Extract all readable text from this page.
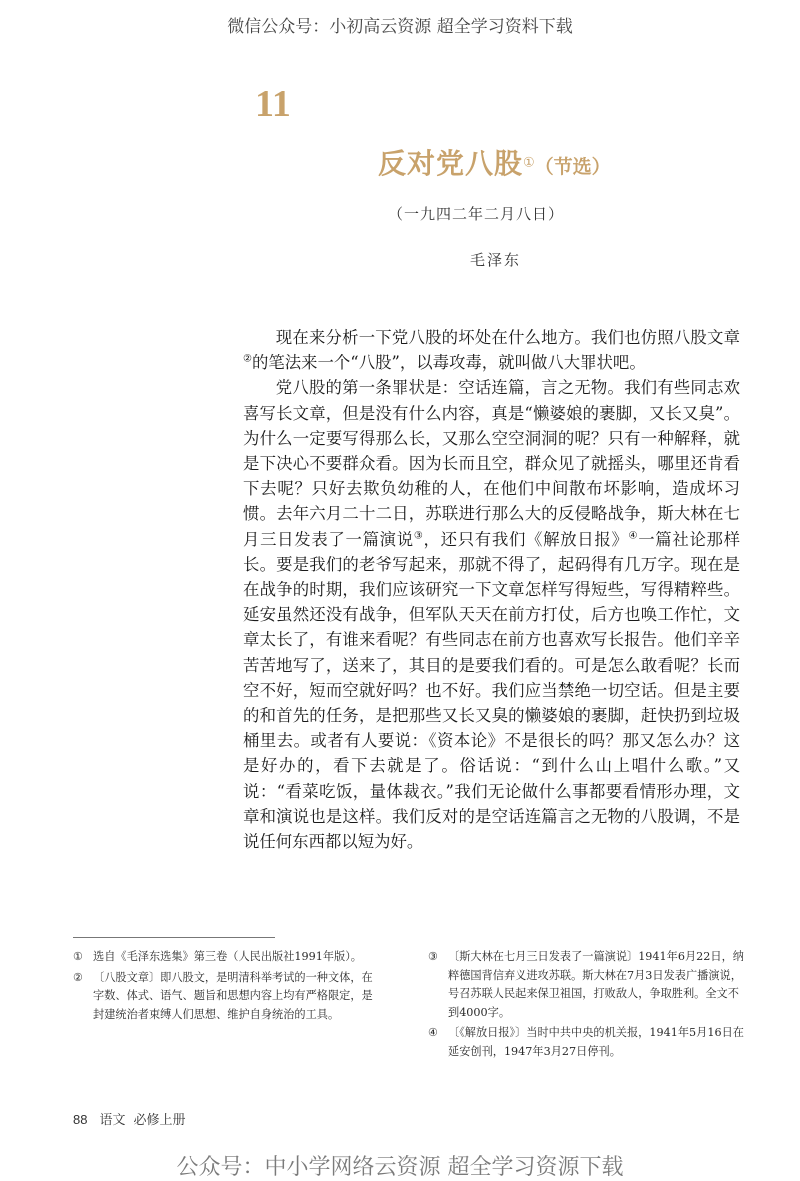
微信公众号：小初高云资源 超全学习资料下载
11
反对党八股①（节选）
（一九四二年二月八日）
毛泽东

现在来分析一下党八股的坏处在什么地方。我们也仿照八股文章②的笔法来一个“八股”，以毒攻毒，就叫做八大罪状吧。

党八股的第一条罪状是：空话连篇，言之无物。我们有些同志欢喜写长文章，但是没有什么内容，真是“懒婆娘的裹脚，又长又臭”。为什么一定要写得那么长，又那么空空洞洞的呢？只有一种解释，就是下决心不要群众看。因为长而且空，群众见了就摇头，哪里还肯看下去呢？只好去欺负幼稚的人，在他们中间散布坏影响，造成坏习惯。去年六月二十二日，苏联进行那么大的反侵略战争，斯大林在七月三日发表了一篇演说③，还只有我们《解放日报》④一篇社论那样长。要是我们的老爷写起来，那就不得了，起码得有几万字。现在是在战争的时期，我们应该研究一下文章怎样写得短些，写得精粹些。延安虽然还没有战争，但军队天天在前方打仗，后方也唤工作忙，文章太长了，有谁来看呢？有些同志在前方也喜欢写长报告。他们辛辛苦苦地写了，送来了，其目的是要我们看的。可是怎么敢看呢？长而空不好，短而空就好吗？也不好。我们应当禁绝一切空话。但是主要的和首先的任务，是把那些又长又臭的懒婆娘的裹脚，赶快扔到垃圾桶里去。或者有人要说：《资本论》不是很长的吗？那又怎么办？这是好办的，看下去就是了。俗话说：“到什么山上唱什么歌。”又说：“看菜吃饭，量体裁衣。”我们无论做什么事都要看情形办理，文章和演说也是这样。我们反对的是空话连篇言之无物的八股调，不是说任何东西都以短为好。

① 选自《毛泽东选集》第三卷（人民出版社1991年版）。
② 〔八股文章〕即八股文，是明清科举考试的一种文体，在字数、体式、语气、题旨和思想内容上均有严格限定，是封建统治者束缚人们思想、维护自身统治的工具。
③ 〔斯大林在七月三日发表了一篇演说〕1941年6月22日，纳粹德国背信弃义进攻苏联。斯大林在7月3日发表广播演说，号召苏联人民起来保卫祖国，打败敌人，争取胜利。全文不到4000字。
④ 〔《解放日报》〕当时中共中央的机关报，1941年5月16日在延安创刊，1947年3月27日停刊。
88 语文 必修上册
公众号：中小学网络云资源 超全学习资源下载
